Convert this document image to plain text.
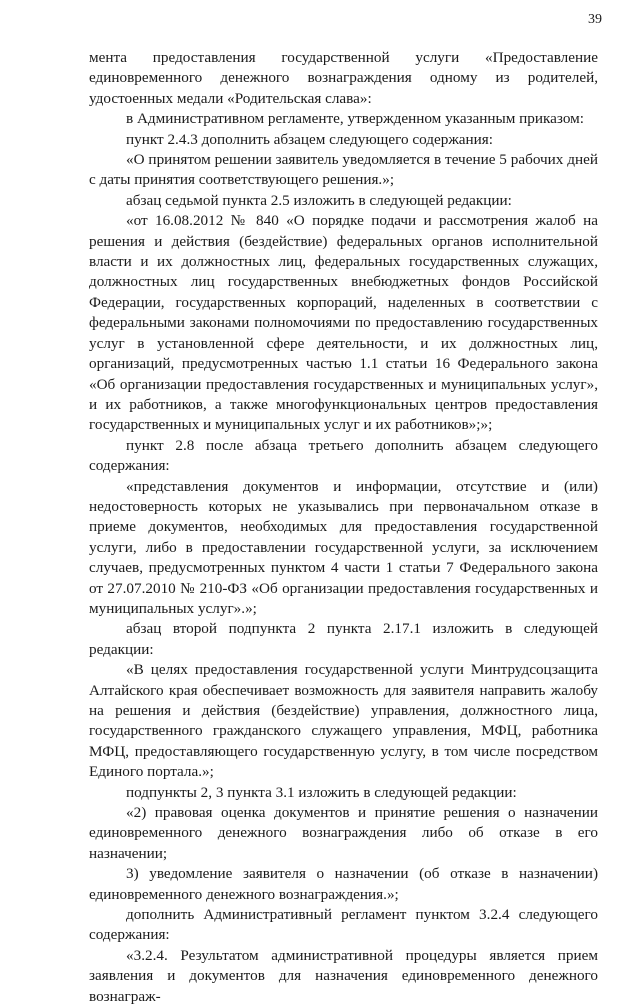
39

мента предоставления государственной услуги «Предоставление единовременного денежного вознаграждения одному из родителей, удостоенных медали «Родительская слава»:

в Административном регламенте, утвержденном указанным приказом:

пункт 2.4.3 дополнить абзацем следующего содержания:

«О принятом решении заявитель уведомляется в течение 5 рабочих дней с даты принятия соответствующего решения.»;

абзац седьмой пункта 2.5 изложить в следующей редакции:

«от 16.08.2012 № 840 «О порядке подачи и рассмотрения жалоб на решения и действия (бездействие) федеральных органов исполнительной власти и их должностных лиц, федеральных государственных служащих, должностных лиц государственных внебюджетных фондов Российской Федерации, государственных корпораций, наделенных в соответствии с федеральными законами полномочиями по предоставлению государственных услуг в установленной сфере деятельности, и их должностных лиц, организаций, предусмотренных частью 1.1 статьи 16 Федерального закона «Об организации предоставления государственных и муниципальных услуг», и их работников, а также многофункциональных центров предоставления государственных и муниципальных услуг и их работников»;»;

пункт 2.8 после абзаца третьего дополнить абзацем следующего содержания:

«представления документов и информации, отсутствие и (или) недостоверность которых не указывались при первоначальном отказе в приеме документов, необходимых для предоставления государственной услуги, либо в предоставлении государственной услуги, за исключением случаев, предусмотренных пунктом 4 части 1 статьи 7 Федерального закона от 27.07.2010 № 210-ФЗ «Об организации предоставления государственных и муниципальных услуг».»;

абзац второй подпункта 2 пункта 2.17.1 изложить в следующей редакции:

«В целях предоставления государственной услуги Минтрудсоцзащита Алтайского края обеспечивает возможность для заявителя направить жалобу на решения и действия (бездействие) управления, должностного лица, государственного гражданского служащего управления, МФЦ, работника МФЦ, предоставляющего государственную услугу, в том числе посредством Единого портала.»;

подпункты 2, 3 пункта 3.1 изложить в следующей редакции:

«2) правовая оценка документов и принятие решения о назначении единовременного денежного вознаграждения либо об отказе в его назначении;

3) уведомление заявителя о назначении (об отказе в назначении) единовременного денежного вознаграждения.»;

дополнить Административный регламент пунктом 3.2.4 следующего содержания:

«3.2.4. Результатом административной процедуры является прием заявления и документов для назначения единовременного денежного вознаграж-
